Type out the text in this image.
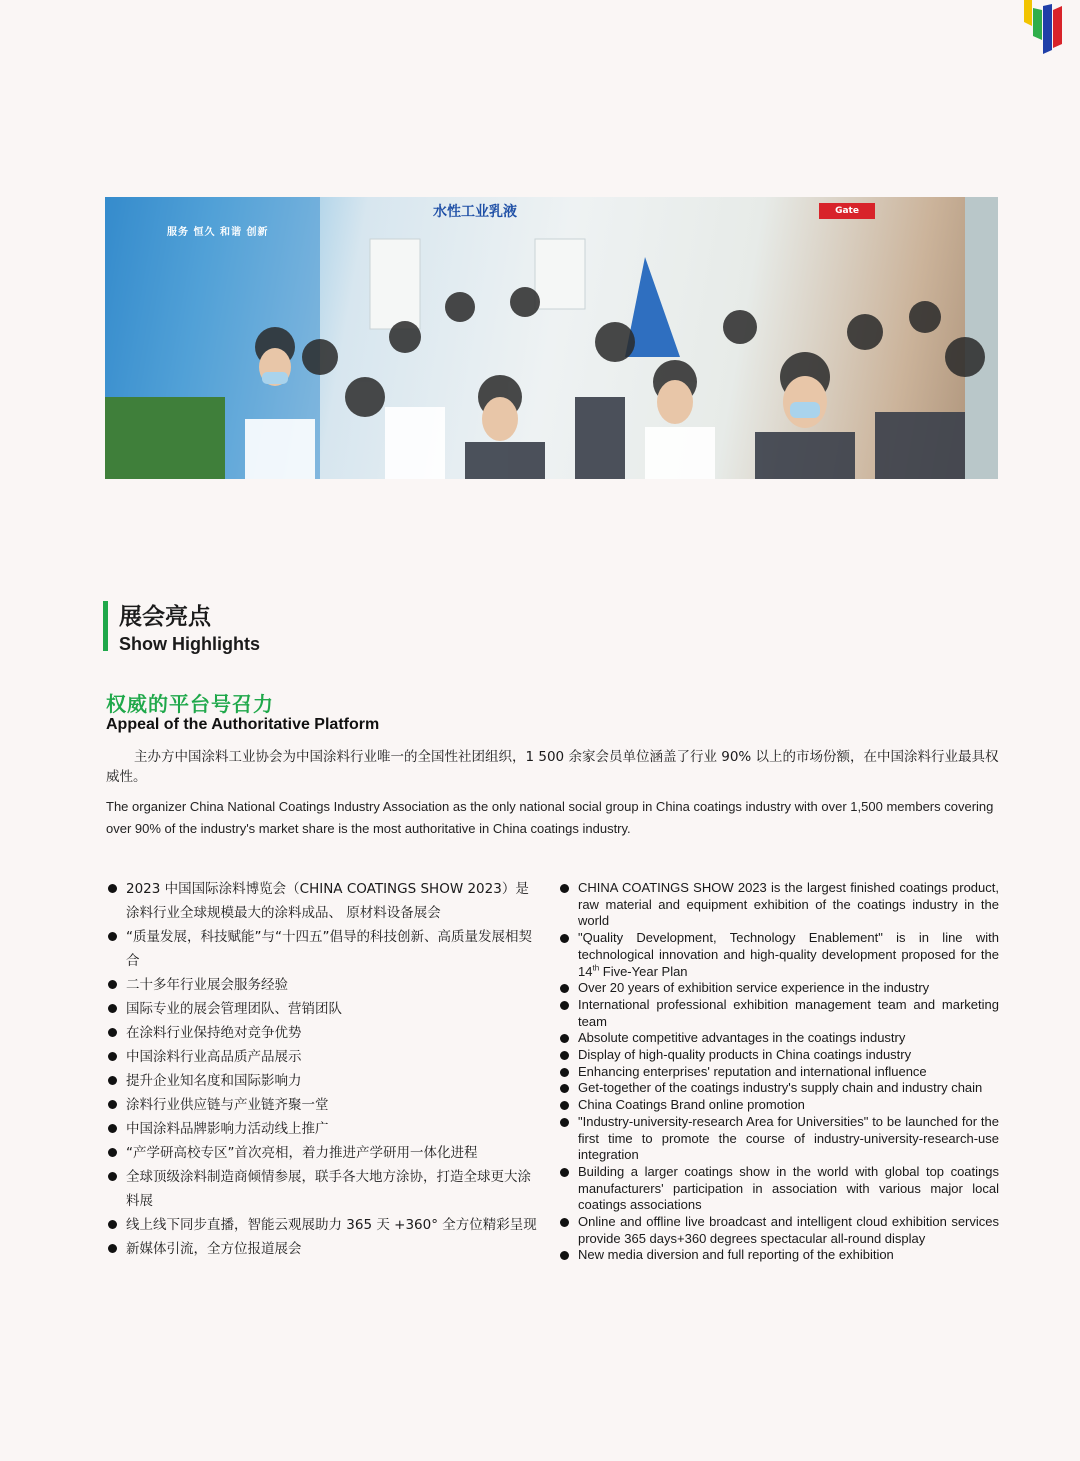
水性工业乳液
服务 恒久 和谐 创新
Gate
展会亮点
Show Highlights
权威的平台号召力
Appeal of the Authoritative Platform
主办方中国涂料工业协会为中国涂料行业唯一的全国性社团组织，1 500 余家会员单位涵盖了行业 90% 以上的市场份额，在中国涂料行业最具权威性。
The organizer China National Coatings Industry Association as the only national social group in China coatings industry with over 1,500 members covering over 90% of the industry's market share is the most authoritative in China coatings industry.
2023 中国国际涂料博览会（CHINA COATINGS SHOW 2023）是涂料行业全球规模最大的涂料成品、 原材料设备展会
“质量发展，科技赋能”与“十四五”倡导的科技创新、高质量发展相契合
二十多年行业展会服务经验
国际专业的展会管理团队、营销团队
在涂料行业保持绝对竞争优势
中国涂料行业高品质产品展示
提升企业知名度和国际影响力
涂料行业供应链与产业链齐聚一堂
中国涂料品牌影响力活动线上推广
“产学研高校专区”首次亮相，着力推进产学研用一体化进程
全球顶级涂料制造商倾情参展，联手各大地方涂协，打造全球更大涂料展
线上线下同步直播，智能云观展助力 365 天 +360° 全方位精彩呈现
新媒体引流，全方位报道展会
CHINA COATINGS SHOW 2023 is the largest finished coatings product, raw material and equipment exhibition of the coatings industry in the world
"Quality Development, Technology Enablement" is in line with technological innovation and high-quality development proposed for the 14th Five-Year Plan
Over 20 years of exhibition service experience in the industry
International professional exhibition management team and marketing team
Absolute competitive advantages in the coatings industry
Display of high-quality products in China coatings industry
Enhancing enterprises' reputation and international influence
Get-together of the coatings industry's supply chain and industry chain
China Coatings Brand online promotion
"Industry-university-research Area for Universities" to be launched for the first time to promote the course of industry-university-research-use integration
Building a larger coatings show in the world with global top coatings manufacturers' participation in association with various major local coatings associations
Online and offline live broadcast and intelligent cloud exhibition services provide 365 days+360 degrees spectacular all-round display
New media diversion and full reporting of the exhibition
